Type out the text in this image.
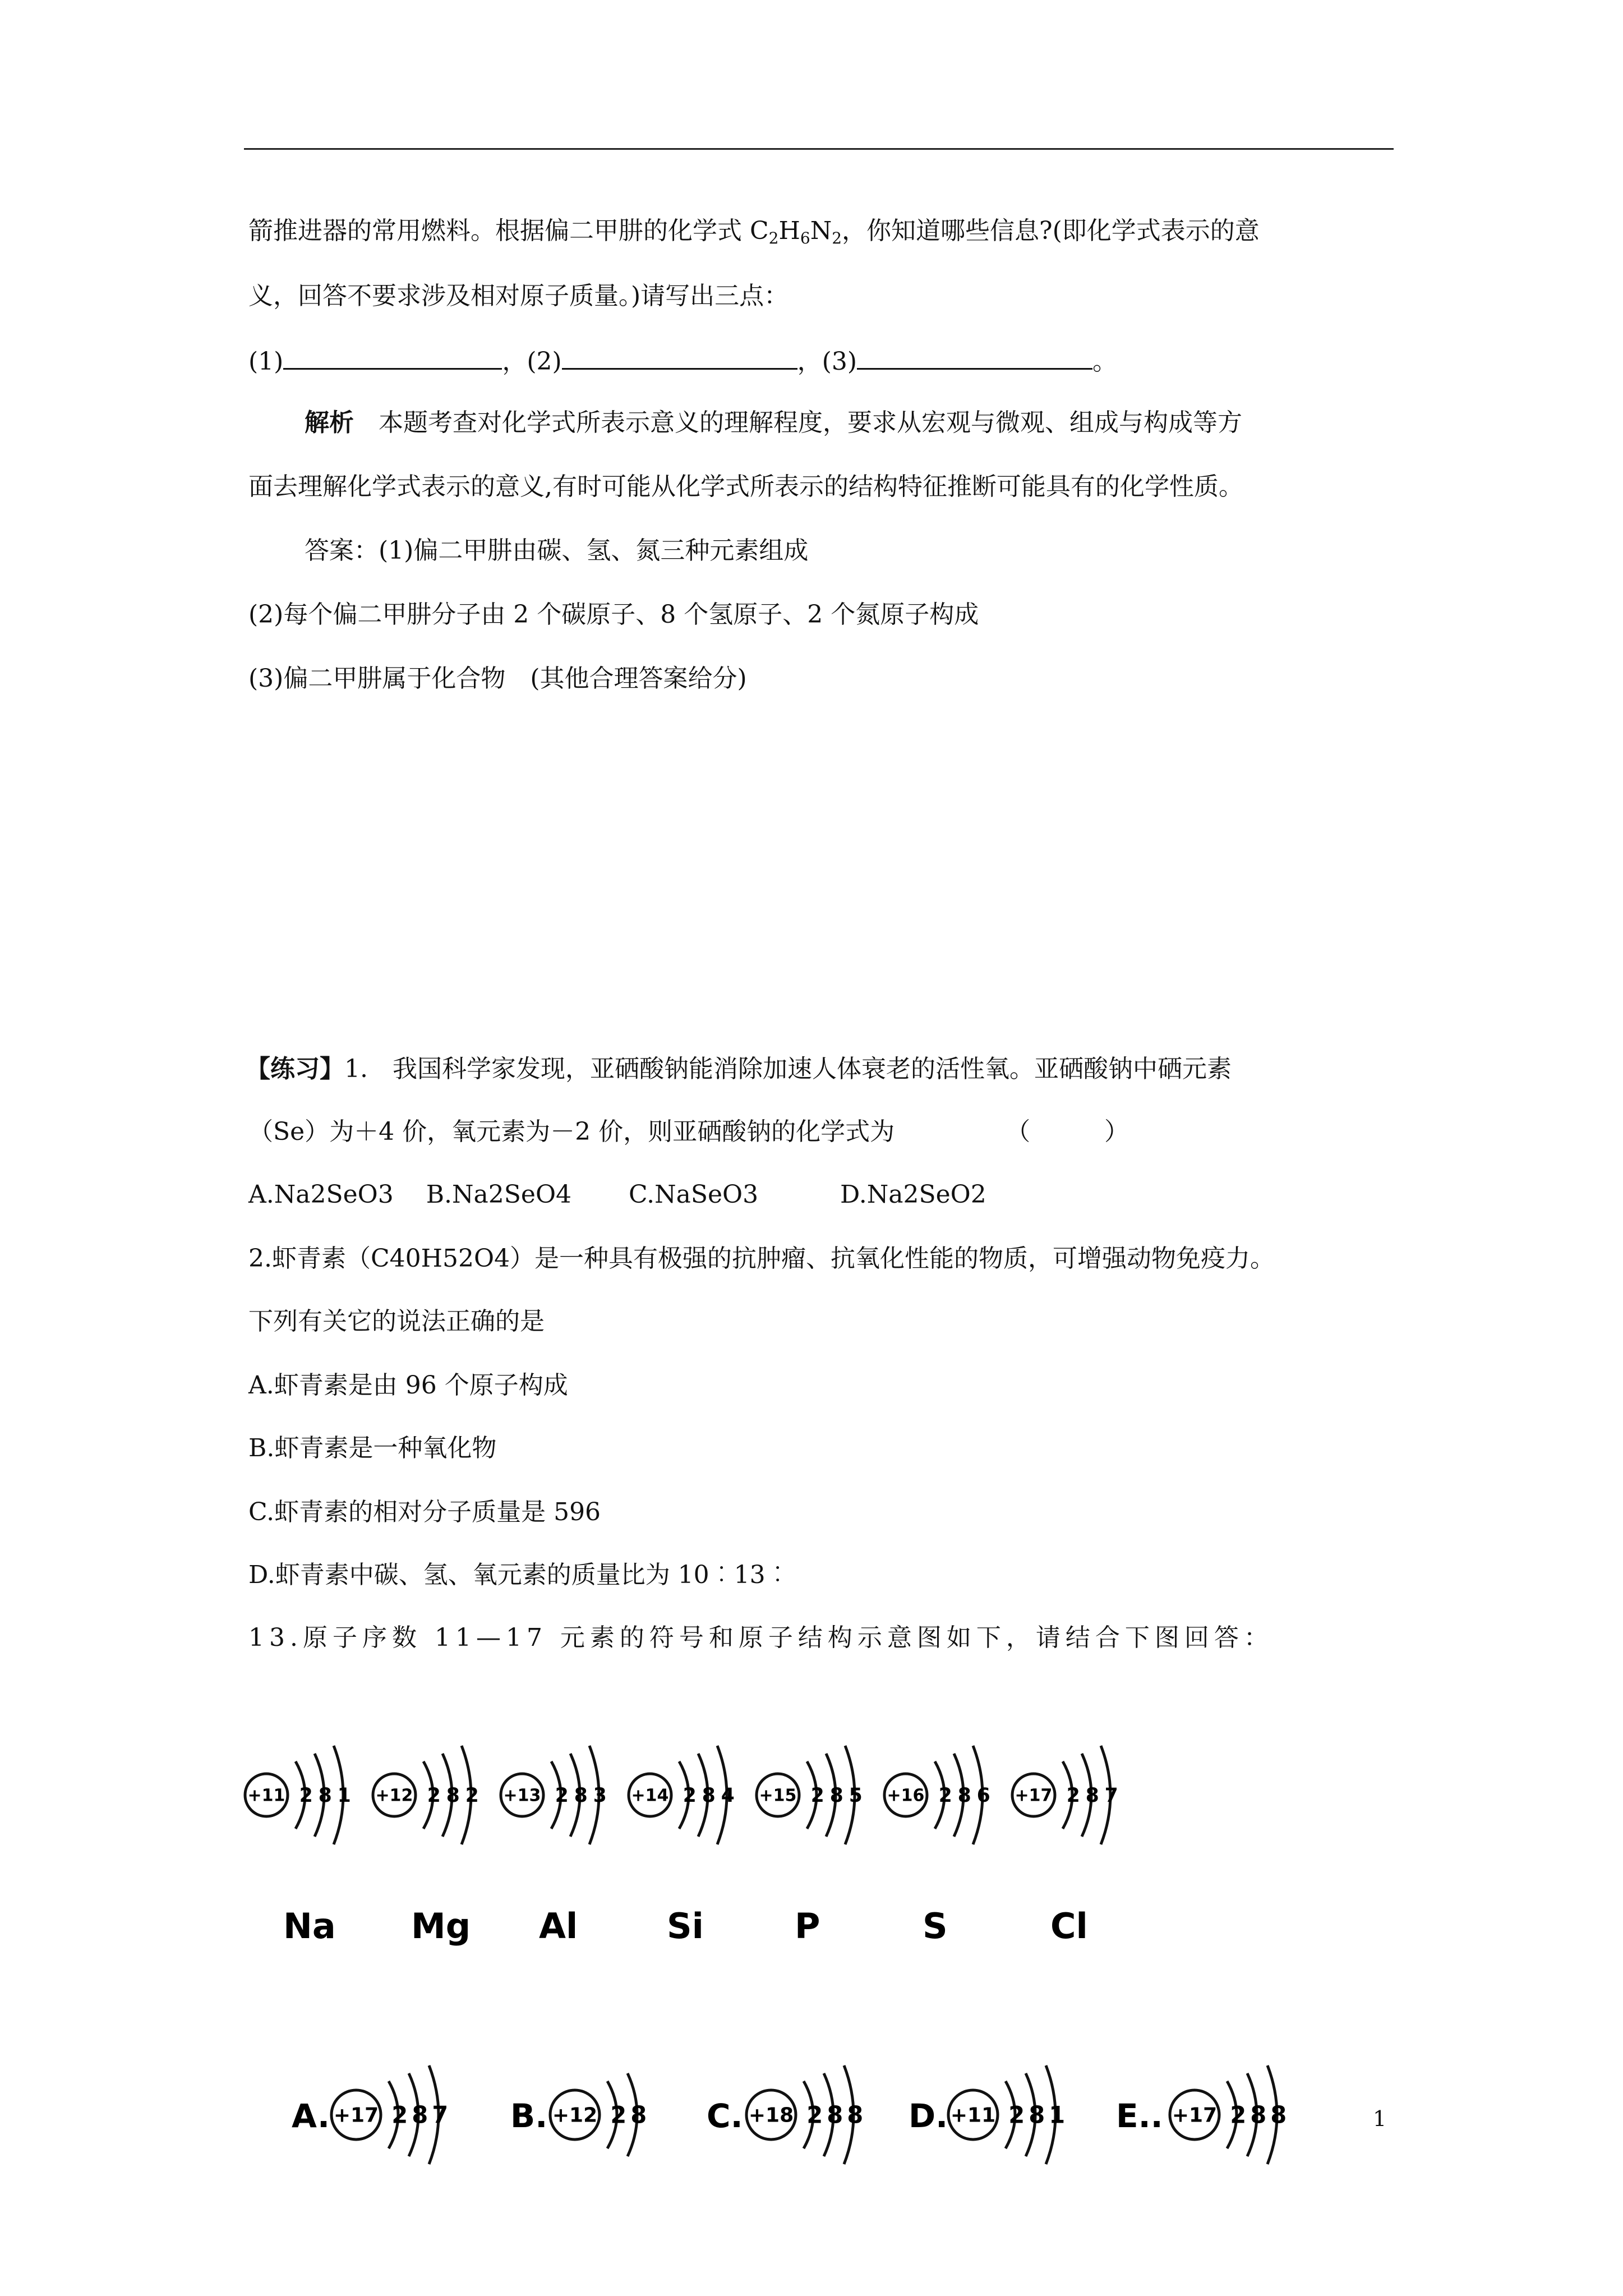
箭推进器的常用燃料。根据偏二甲肼的化学式 $C_2H_6N_2$，你知道哪些信息?(即化学式表示的意
义，回答不要求涉及相对原子质量。)请写出三点：
(1)	，(2)	，(3)	。
解析　 本题考查对化学式所表示意义的理解程度，要求从宏观与微观、组成与构成等方
面去理解化学式表示的意义,有时可能从化学式所表示的结构特征推断可能具有的化学性质。
答案：(1)偏二甲肼由碳、氢、氮三种元素组成
(2)每个偏二甲肼分子由 2 个碳原子、8 个氢原子、2 个氮原子构成
(3)偏二甲肼属于化合物　(其他合理答案给分)
【练习】1.　我国科学家发现，亚硒酸钠能消除加速人体衰老的活性氧。亚硒酸钠中硒元素
（Se）为＋4 价，氧元素为－2 价，则亚硒酸钠的化学式为　　　　　（　　　）
A.Na2SeO3　 B.Na2SeO4　　 C.NaSeO3　　　 D.Na2SeO2
2.虾青素（C40H52O4）是一种具有极强的抗肿瘤、抗氧化性能的物质，可增强动物免疫力。
下列有关它的说法正确的是
A.虾青素是由 96 个原子构成
B.虾青素是一种氧化物
C.虾青素的相对分子质量是 596
D.虾青素中碳、氢、氧元素的质量比为 10︰13︰
13.原子序数 11—17 元素的符号和原子结构示意图如下，请结合下图回答：
+11 2 8 1
Na
+12 2 8 2
Mg
+13 2 8 3
Al
+14 2 8 4
Si
+15 2 8 5
P
+16 2 8 6
S
+17 2 8 7
Cl
A. +17 2 8 7 B. +12 2 8 C. +18 2 8 8 D. +11 2 8 1 E.. +17 2 8 8	1
